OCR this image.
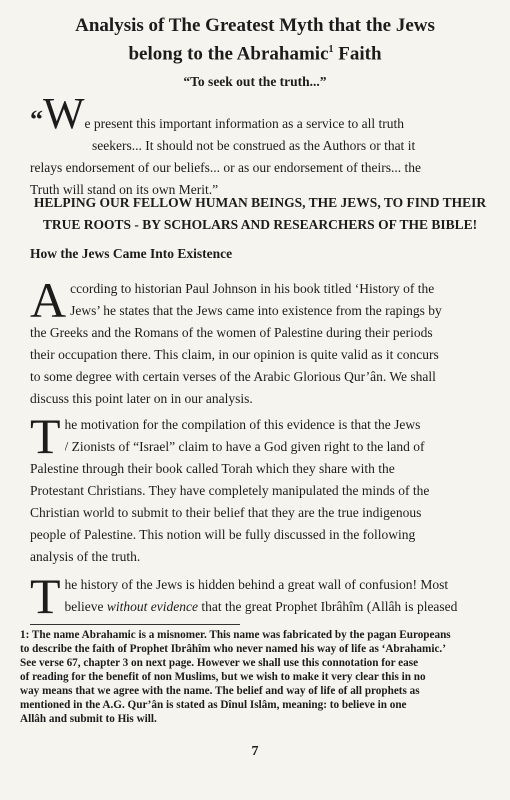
Analysis of The Greatest Myth that the Jews
belong to the Abrahamic$^1$ Faith
“To seek out the truth...”
“We present this important information as a service to all truth
seekers... It should not be construed as the Authors or that it
relays endorsement of our beliefs... or as our endorsement of theirs... the
Truth will stand on its own Merit.”
HELPING OUR FELLOW HUMAN BEINGS, THE JEWS, TO FIND THEIR
TRUE ROOTS - BY SCHOLARS AND RESEARCHERS OF THE BIBLE!
How the Jews Came Into Existence
A ccording to historian Paul Johnson in his book titled ‘History of the
Jews’ he states that the Jews came into existence from the rapings by
the Greeks and the Romans of the women of Palestine during their periods
their occupation there. This claim, in our opinion is quite valid as it concurs
to some degree with certain verses of the Arabic Glorious Qur’ân. We shall
discuss this point later on in our analysis.
T he motivation for the compilation of this evidence is that the Jews
/ Zionists of “Israel” claim to have a God given right to the land of
Palestine through their book called Torah which they share with the
Protestant Christians. They have completely manipulated the minds of the
Christian world to submit to their belief that they are the true indigenous
people of Palestine. This notion will be fully discussed in the following
analysis of the truth.
T he history of the Jews is hidden behind a great wall of confusion! Most
believe without evidence that the great Prophet Ibrâhîm (Allâh is pleased
1: The name Abrahamic is a misnomer. This name was fabricated by the pagan Europeans
to describe the faith of Prophet Ibrâhîm who never named his way of life as ‘Abrahamic.’
See verse 67, chapter 3 on next page. However we shall use this connotation for ease
of reading for the benefit of non Muslims, but we wish to make it very clear this in no
way means that we agree with the name. The belief and way of life of all prophets as
mentioned in the A.G. Qur’ân is stated as Dînul Islâm, meaning: to believe in one
Allâh and submit to His will.
7
